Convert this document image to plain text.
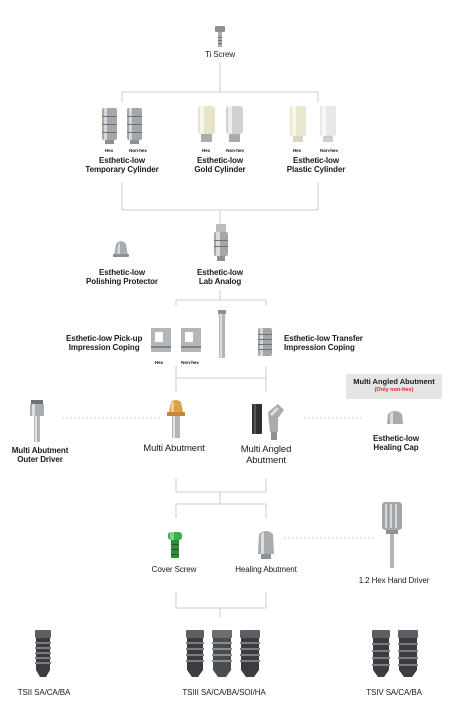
Ti Screw
Hex	Non-hex
Esthetic-low
Temporary Cylinder
Hex	Non-hex
Esthetic-low
Gold Cylinder
Hex	Non-hex
Esthetic-low
Plastic Cylinder
Esthetic-low
Polishing Protector
Esthetic-low
Lab Analog
Esthetic-low Pick-up
Impression Coping
Hex	Non-hex
Esthetic-low Transfer
Impression Coping
Multi Angled Abutment
(Only non-hex)
Multi Abutment
Outer Driver
Multi Abutment	Multi Angled
Abutment
Esthetic-low
Healing Cap
Cover Screw	Healing Abutment
1.2 Hex Hand Driver
TSII SA/CA/BA	TSIII SA/CA/BA/SOI/HA	TSIV SA/CA/BA
